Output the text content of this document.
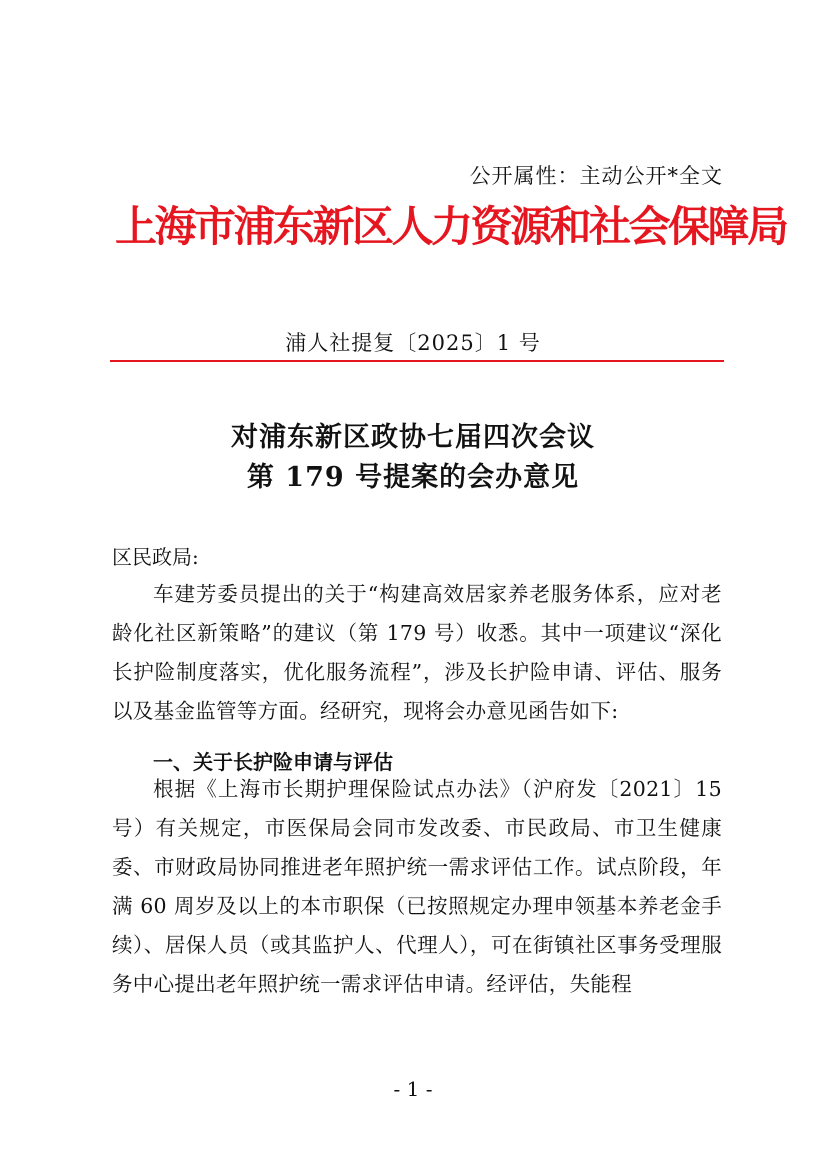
公开属性：主动公开*全文
上海市浦东新区人力资源和社会保障局
浦人社提复〔2025〕1 号
对浦东新区政协七届四次会议
第 179 号提案的会办意见
区民政局:

车建芳委员提出的关于“构建高效居家养老服务体系，应对老龄化社区新策略”的建议（第 179 号）收悉。其中一项建议“深化长护险制度落实，优化服务流程”，涉及长护险申请、评估、服务以及基金监管等方面。经研究，现将会办意见函告如下:

一、关于长护险申请与评估

根据《上海市长期护理保险试点办法》（沪府发〔2021〕15 号）有关规定，市医保局会同市发改委、市民政局、市卫生健康委、市财政局协同推进老年照护统一需求评估工作。试点阶段，年满 60 周岁及以上的本市职保（已按照规定办理申领基本养老金手续）、居保人员（或其监护人、代理人），可在街镇社区事务受理服务中心提出老年照护统一需求评估申请。经评估，失能程

- 1 -
